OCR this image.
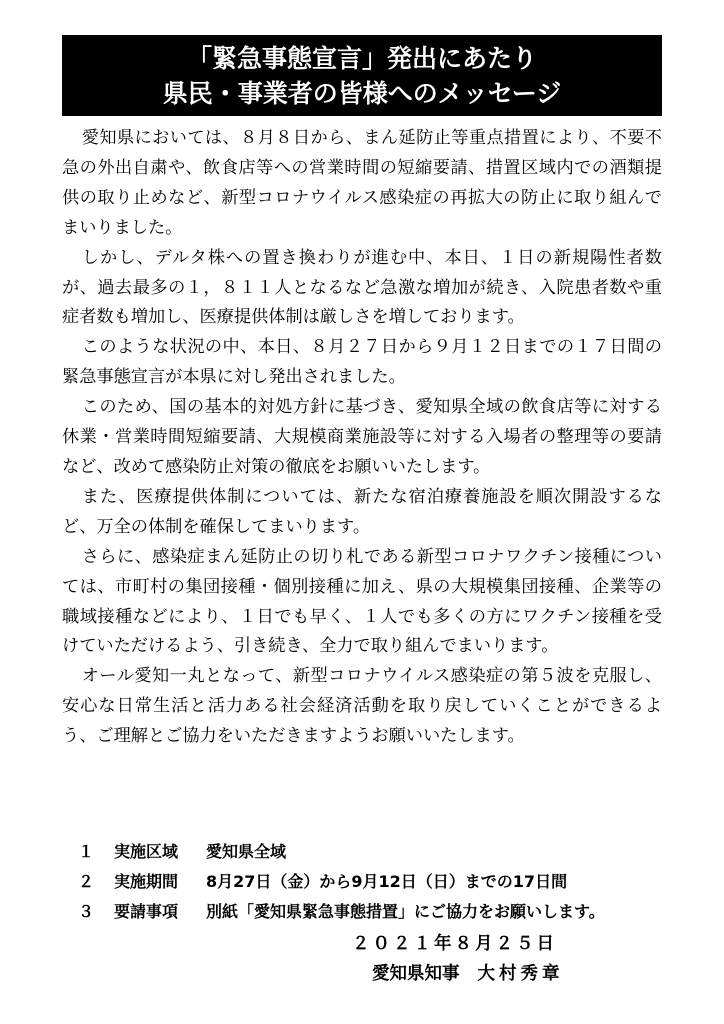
「緊急事態宣言」発出にあたり
県民・事業者の皆様へのメッセージ

愛知県においては、８月８日から、まん延防止等重点措置により、不要不急の外出自粛や、飲食店等への営業時間の短縮要請、措置区域内での酒類提供の取り止めなど、新型コロナウイルス感染症の再拡大の防止に取り組んでまいりました。

しかし、デルタ株への置き換わりが進む中、本日、１日の新規陽性者数が、過去最多の１，８１１人となるなど急激な増加が続き、入院患者数や重症者数も増加し、医療提供体制は厳しさを増しております。

このような状況の中、本日、８月２７日から９月１２日までの１７日間の緊急事態宣言が本県に対し発出されました。

このため、国の基本的対処方針に基づき、愛知県全域の飲食店等に対する休業・営業時間短縮要請、大規模商業施設等に対する入場者の整理等の要請など、改めて感染防止対策の徹底をお願いいたします。

また、医療提供体制については、新たな宿泊療養施設を順次開設するなど、万全の体制を確保してまいります。

さらに、感染症まん延防止の切り札である新型コロナワクチン接種については、市町村の集団接種・個別接種に加え、県の大規模集団接種、企業等の職域接種などにより、１日でも早く、１人でも多くの方にワクチン接種を受けていただけるよう、引き続き、全力で取り組んでまいります。

オール愛知一丸となって、新型コロナウイルス感染症の第５波を克服し、安心な日常生活と活力ある社会経済活動を取り戻していくことができるよう、ご理解とご協力をいただきますようお願いいたします。

１ 実施区域	愛知県全域
２ 実施期間	8月27日（金）から9月12日（日）までの17日間
３ 要請事項	別紙「愛知県緊急事態措置」にご協力をお願いします。
２０２１年８月２５日
愛知県知事 大村秀章
